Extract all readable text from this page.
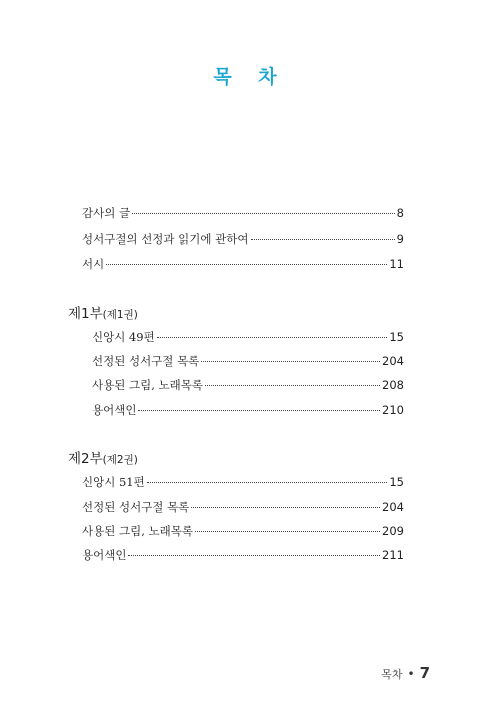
목 차
감사의 글	8
성서구절의 선정과 읽기에 관하여	9
서시	11
제1부(제1권)
신앙시 49편	15
선정된 성서구절 목록	204
사용된 그림, 노래목록	208
용어색인	210
제2부(제2권)
신앙시 51편	15
선정된 성서구절 목록	204
사용된 그림, 노래목록	209
용어색인	211
목차 • 7
